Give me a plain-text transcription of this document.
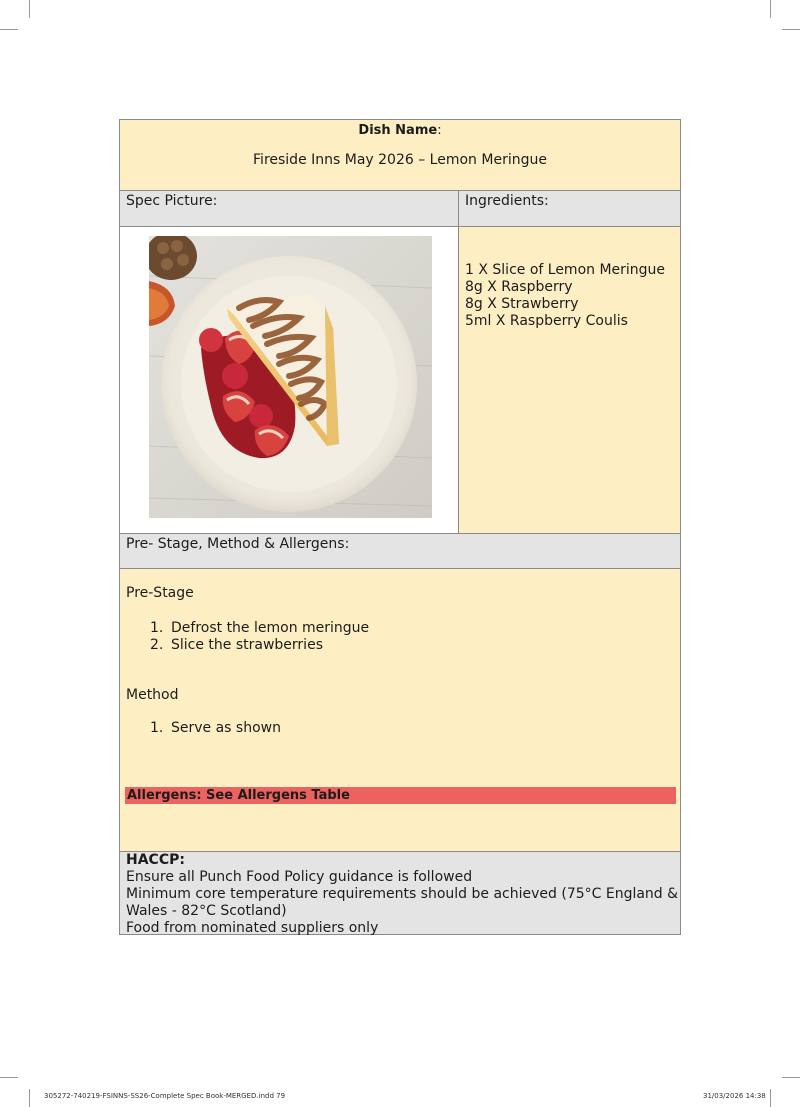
Dish Name:
Fireside Inns May 2026 – Lemon Meringue
Spec Picture:	Ingredients:
1 X Slice of Lemon Meringue
8g X Raspberry
8g X Strawberry
5ml X Raspberry Coulis
Pre- Stage, Method & Allergens:
Pre-Stage
1. Defrost the lemon meringue
2. Slice the strawberries
Method
1. Serve as shown
Allergens: See Allergens Table
HACCP:
Ensure all Punch Food Policy guidance is followed
Minimum core temperature requirements should be achieved (75°C England &
Wales - 82°C Scotland)
Food from nominated suppliers only
305272-740219-FSINNS-SS26-Complete Spec Book-MERGED.indd 79	31/03/2026 14:38
